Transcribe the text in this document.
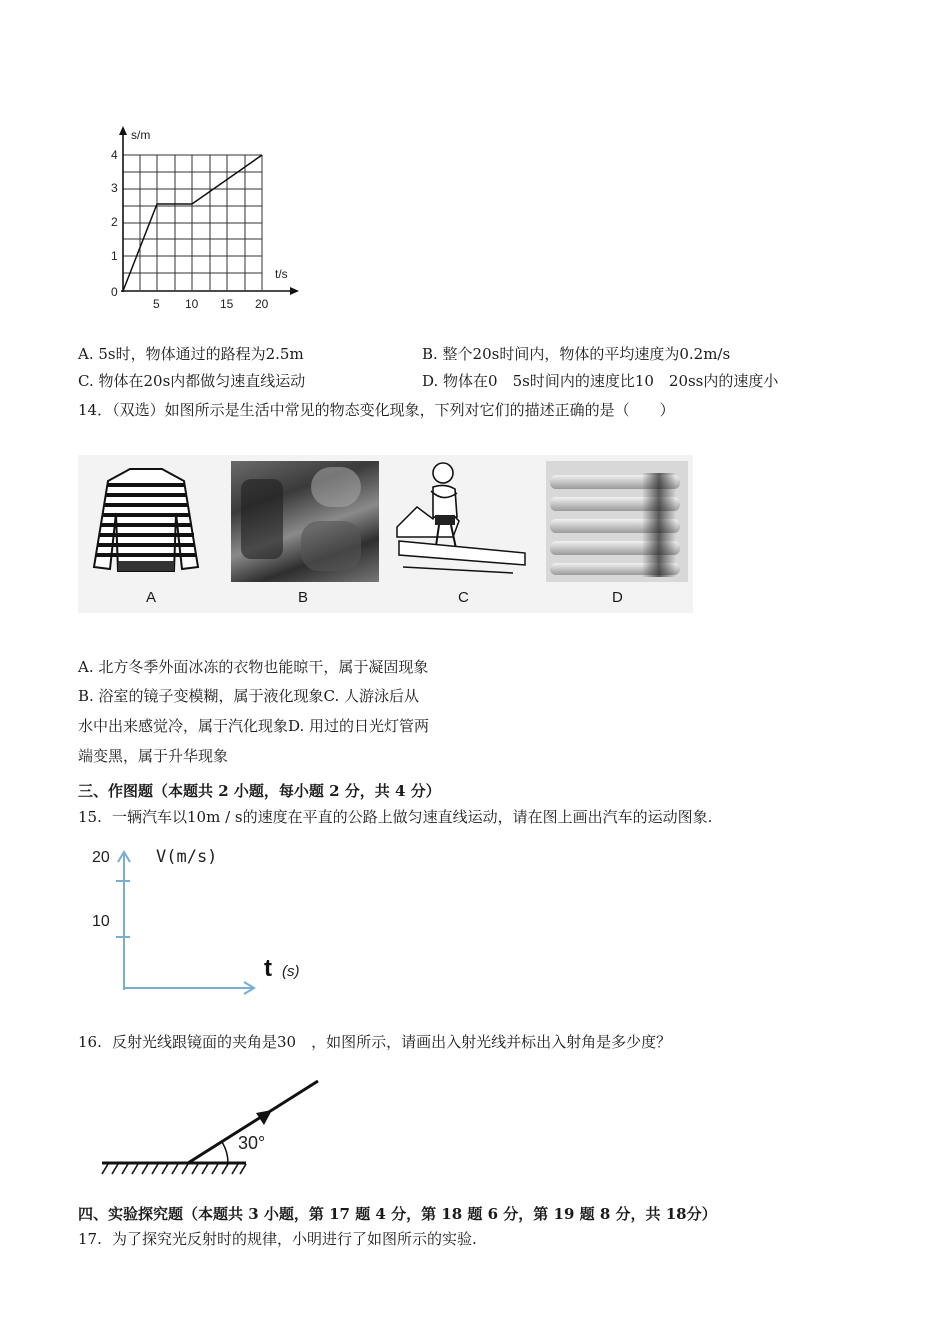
s/m
t/s
0
1
2
3
4
5 10 15 20
A. 5s时，物体通过的路程为2.5m	B. 整个20s时间内，物体的平均速度为0.2m/s
C. 物体在20s内都做匀速直线运动	D. 物体在0　5s时间内的速度比10　20ss内的速度小
14．（双选）如图所示是生活中常见的物态变化现象，下列对它们的描述正确的是（　　）
A	B	C	D
A. 北方冬季外面冰冻的衣物也能晾干，属于凝固现象
B. 浴室的镜子变模糊，属于液化现象C. 人游泳后从
水中出来感觉冷，属于汽化现象D. 用过的日光灯管两
端变黑，属于升华现象
三、作图题（本题共 2 小题，每小题 2 分，共 4 分）
15. 一辆汽车以10m / s的速度在平直的公路上做匀速直线运动，请在图上画出汽车的运动图象.
20
10
V(m/s)
t (s)
16. 反射光线跟镜面的夹角是30　，如图所示，请画出入射光线并标出入射角是多少度？
30°
四、实验探究题（本题共 3 小题，第 17 题 4 分，第 18 题 6 分，第 19 题 8 分，共 18分）
17. 为了探究光反射时的规律，小明进行了如图所示的实验.
